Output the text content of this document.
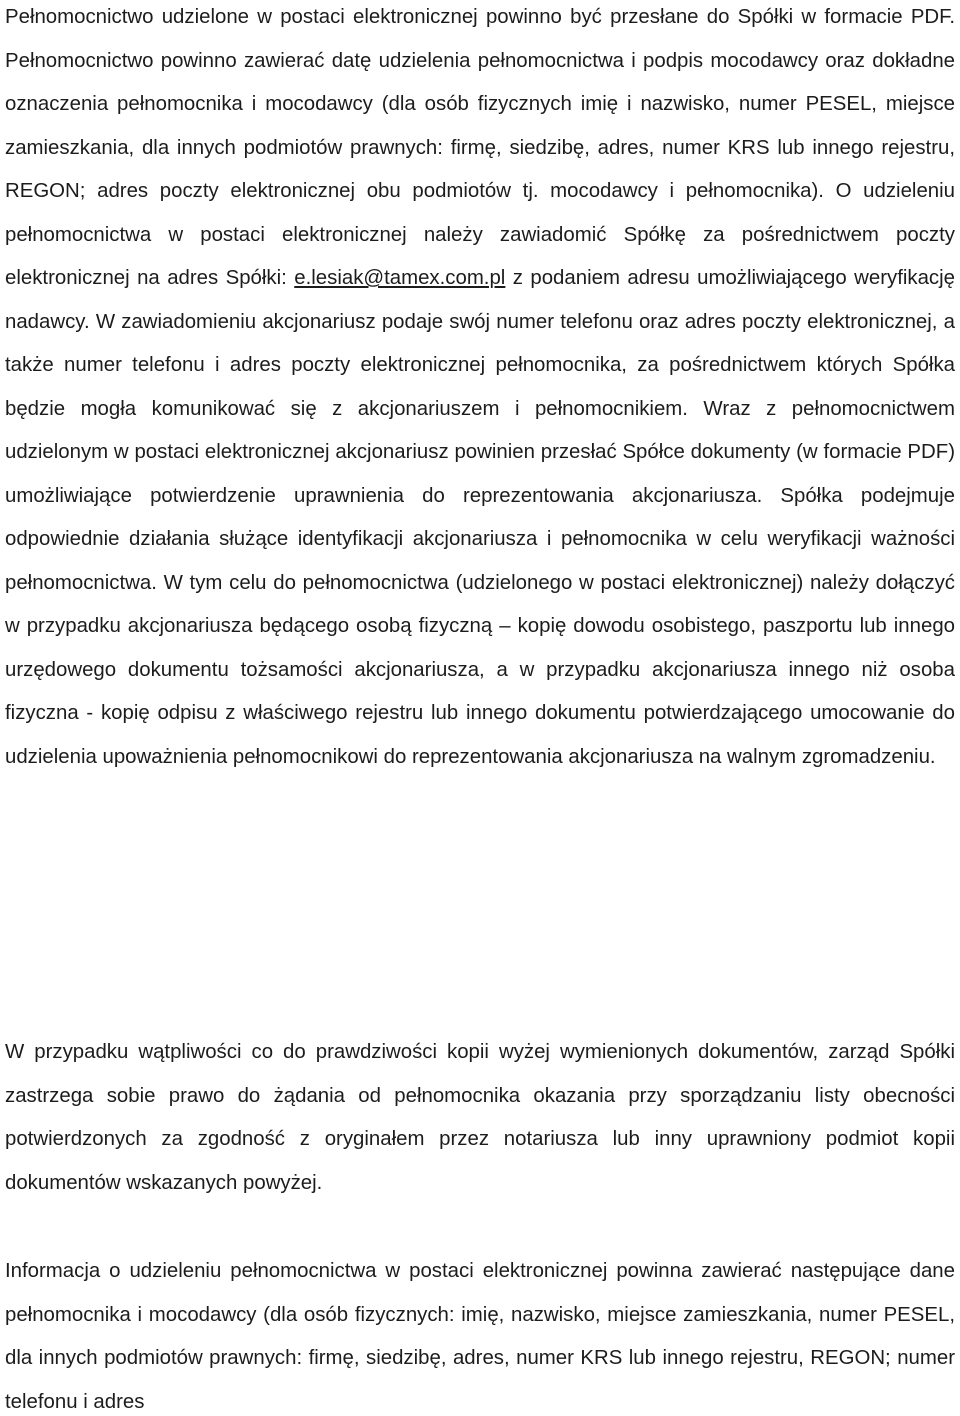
Pełnomocnictwo udzielone w postaci elektronicznej powinno być przesłane do Spółki w formacie PDF. Pełnomocnictwo powinno zawierać datę udzielenia pełnomocnictwa i podpis mocodawcy oraz dokładne oznaczenia pełnomocnika i mocodawcy (dla osób fizycznych imię i nazwisko, numer PESEL, miejsce zamieszkania, dla innych podmiotów prawnych: firmę, siedzibę, adres, numer KRS lub innego rejestru, REGON; adres poczty elektronicznej obu podmiotów tj. mocodawcy i pełnomocnika). O udzieleniu pełnomocnictwa w postaci elektronicznej należy zawiadomić Spółkę za pośrednictwem poczty elektronicznej na adres Spółki: e.lesiak@tamex.com.pl z podaniem adresu umożliwiającego weryfikację nadawcy. W zawiadomieniu akcjonariusz podaje swój numer telefonu oraz adres poczty elektronicznej, a także numer telefonu i adres poczty elektronicznej pełnomocnika, za pośrednictwem których Spółka będzie mogła komunikować się z akcjonariuszem i pełnomocnikiem. Wraz z pełnomocnictwem udzielonym w postaci elektronicznej akcjonariusz powinien przesłać Spółce dokumenty (w formacie PDF) umożliwiające potwierdzenie uprawnienia do reprezentowania akcjonariusza. Spółka podejmuje odpowiednie działania służące identyfikacji akcjonariusza i pełnomocnika w celu weryfikacji ważności pełnomocnictwa. W tym celu do pełnomocnictwa (udzielonego w postaci elektronicznej) należy dołączyć w przypadku akcjonariusza będącego osobą fizyczną – kopię dowodu osobistego, paszportu lub innego urzędowego dokumentu tożsamości akcjonariusza, a w przypadku akcjonariusza innego niż osoba fizyczna - kopię odpisu z właściwego rejestru lub innego dokumentu potwierdzającego umocowanie do udzielenia upoważnienia pełnomocnikowi do reprezentowania akcjonariusza na walnym zgromadzeniu.

W przypadku wątpliwości co do prawdziwości kopii wyżej wymienionych dokumentów, zarząd Spółki zastrzega sobie prawo do żądania od pełnomocnika okazania przy sporządzaniu listy obecności potwierdzonych za zgodność z oryginałem przez notariusza lub inny uprawniony podmiot kopii dokumentów wskazanych powyżej.

Informacja o udzieleniu pełnomocnictwa w postaci elektronicznej powinna zawierać następujące dane pełnomocnika i mocodawcy (dla osób fizycznych: imię, nazwisko, miejsce zamieszkania, numer PESEL, dla innych podmiotów prawnych: firmę, siedzibę, adres, numer KRS lub innego rejestru, REGON; numer telefonu i adres
